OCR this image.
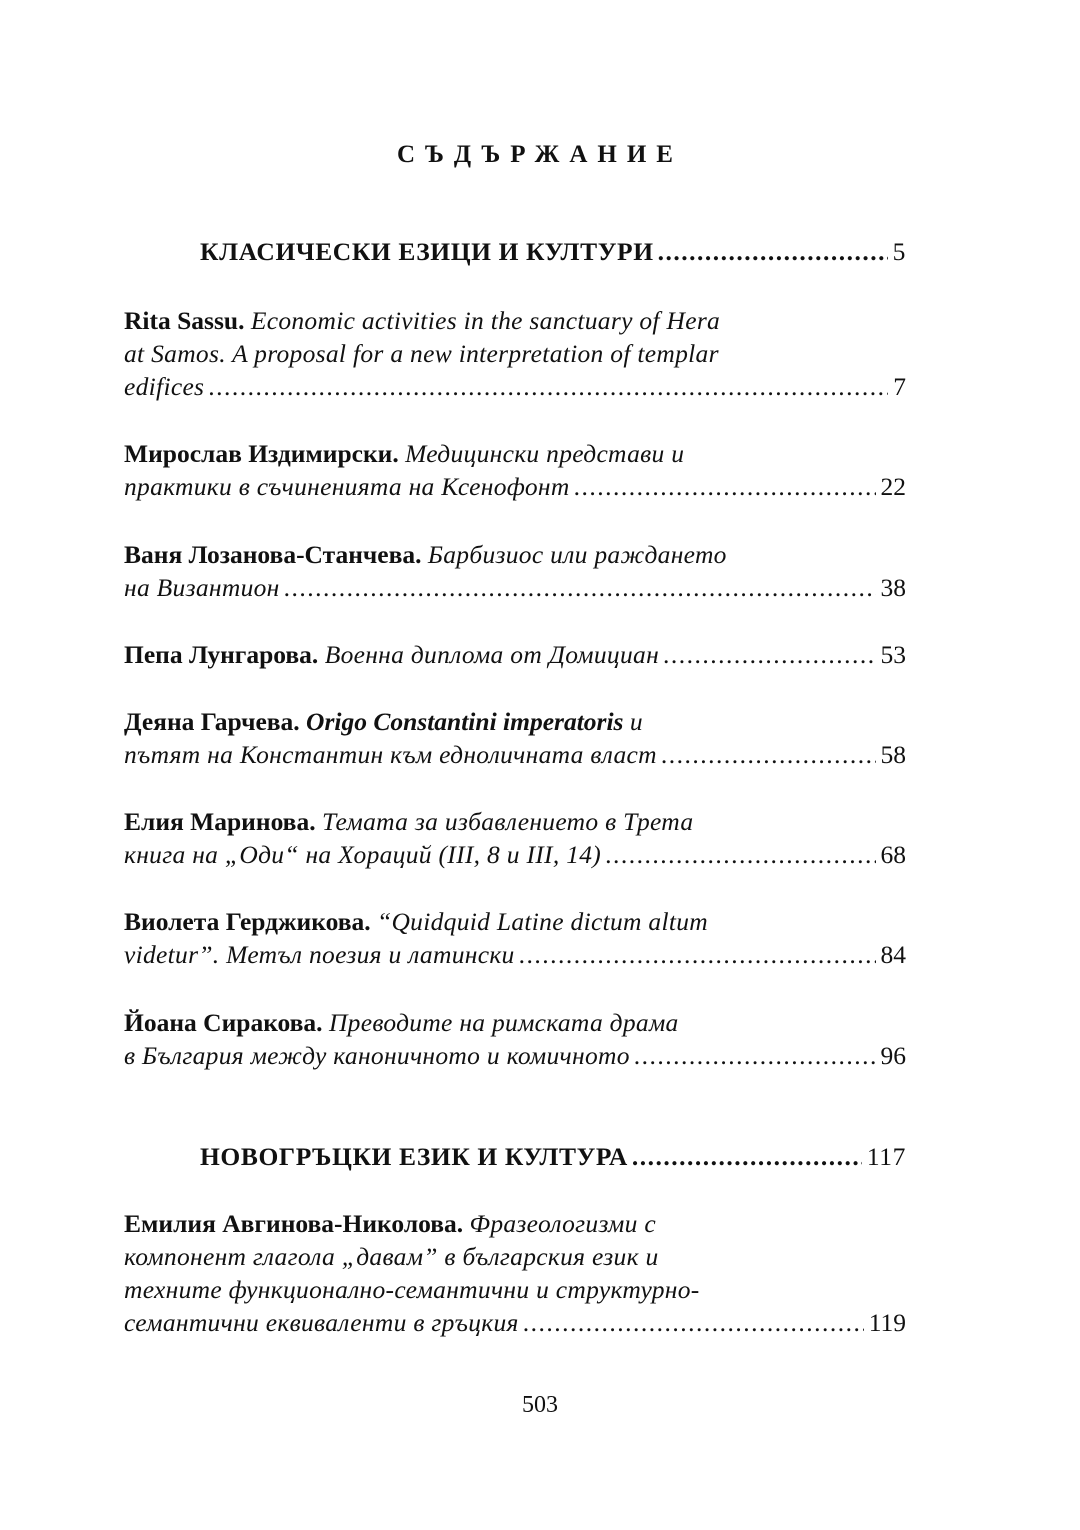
СЪДЪРЖАНИЕ
КЛАСИЧЕСКИ ЕЗИЦИ И КУЛТУРИ .....	5
Rita Sassu. Economic activities in the sanctuary of Hera
at Samos. A proposal for a new interpretation of templar
edifices .....	7
Мирослав Издимирски. Медицински представи и
практики в съчиненията на Ксенофонт .....	22
Ваня Лозанова-Станчева. Барбизиос или раждането
на Византион .....	38
Пепа Лунгарова.
Военна диплома от Домициан .....	53
Деяна Гарчева. Origo Constantini imperatoris и
пътят на Константин към едноличната власт .....	58
Елия Маринова. Темата за избавлението в Трета
книга на „Оди“ на Хораций (III, 8 и III, 14) .....	68
Виолета Герджикова. “Quidquid Latine dictum altum
videtur”. Метъл поезия и латински .....	84
Йоана Сиракова. Преводите на римската драма
в България между каноничното и комичното .....	96
НОВОГРЪЦКИ ЕЗИК И КУЛТУРА .....	117
Емилия Авгинова-Николова. Фразеологизми с
компонент глагола „давам” в българския език и
техните функционално-семантични и структурно-
семантични еквиваленти в гръцкия .....	119
503
